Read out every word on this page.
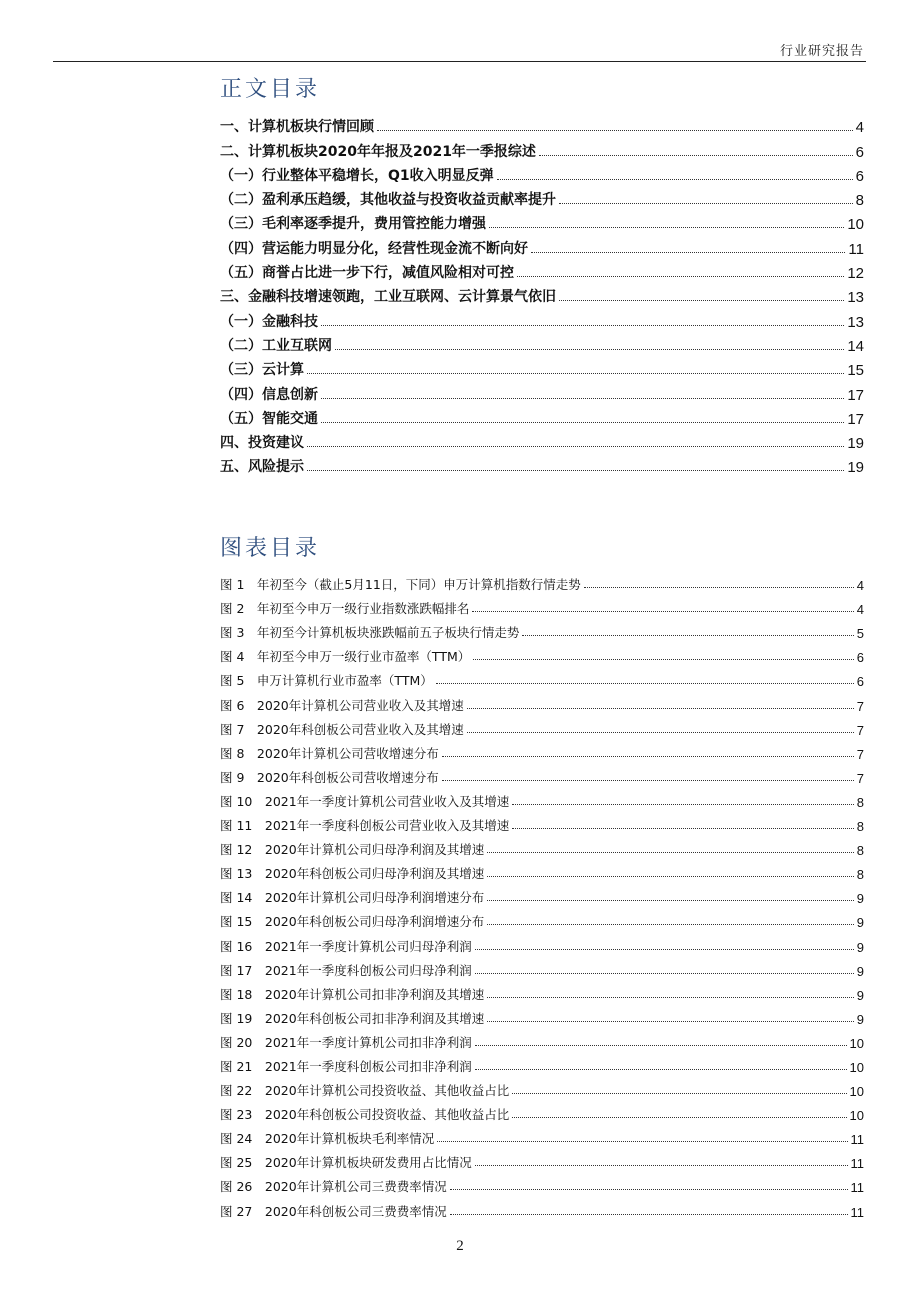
行业研究报告
正文目录
一、计算机板块行情回顾	4
二、计算机板块2020年年报及2021年一季报综述	6
（一）行业整体平稳增长，Q1收入明显反弹	6
（二）盈利承压趋缓，其他收益与投资收益贡献率提升	8
（三）毛利率逐季提升，费用管控能力增强	10
（四）营运能力明显分化，经营性现金流不断向好	11
（五）商誉占比进一步下行，减值风险相对可控	12
三、金融科技增速领跑，工业互联网、云计算景气依旧	13
（一）金融科技	13
（二）工业互联网	14
（三）云计算	15
（四）信息创新	17
（五）智能交通	17
四、投资建议	19
五、风险提示	19
图表目录
图 1　年初至今（截止5月11日，下同）申万计算机指数行情走势	4
图 2　年初至今申万一级行业指数涨跌幅排名	4
图 3　年初至今计算机板块涨跌幅前五子板块行情走势	5
图 4　年初至今申万一级行业市盈率（TTM）	6
图 5　申万计算机行业市盈率（TTM）	6
图 6　2020年计算机公司营业收入及其增速	7
图 7　2020年科创板公司营业收入及其增速	7
图 8　2020年计算机公司营收增速分布	7
图 9　2020年科创板公司营收增速分布	7
图 10　2021年一季度计算机公司营业收入及其增速	8
图 11　2021年一季度科创板公司营业收入及其增速	8
图 12　2020年计算机公司归母净利润及其增速	8
图 13　2020年科创板公司归母净利润及其增速	8
图 14　2020年计算机公司归母净利润增速分布	9
图 15　2020年科创板公司归母净利润增速分布	9
图 16　2021年一季度计算机公司归母净利润	9
图 17　2021年一季度科创板公司归母净利润	9
图 18　2020年计算机公司扣非净利润及其增速	9
图 19　2020年科创板公司扣非净利润及其增速	9
图 20　2021年一季度计算机公司扣非净利润	10
图 21　2021年一季度科创板公司扣非净利润	10
图 22　2020年计算机公司投资收益、其他收益占比	10
图 23　2020年科创板公司投资收益、其他收益占比	10
图 24　2020年计算机板块毛利率情况	11
图 25　2020年计算机板块研发费用占比情况	11
图 26　2020年计算机公司三费费率情况	11
图 27　2020年科创板公司三费费率情况	11
2
